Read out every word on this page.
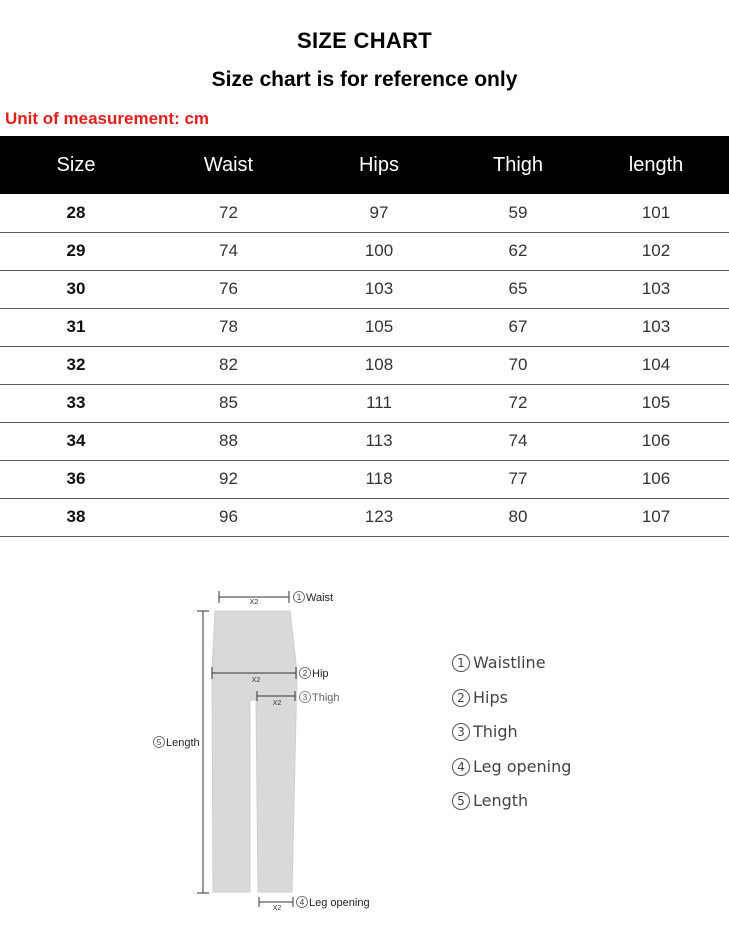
SIZE CHART
Size chart is for reference only
Unit of measurement: cm
Size	Waist	Hips	Thigh	length
28	72	97	59	101
29	74	100	62	102
30	76	103	65	103
31	78	105	67	103
32	82	108	70	104
33	85	111	72	105
34	88	113	74	106
36	92	118	77	106
38	96	123	80	107
X2
1 Waist
X2
2 Hip
X2
3 Thigh
5 Length
X2
4 Leg opening
1 Waistline
2 Hips
3 Thigh
4 Leg opening
5 Length
